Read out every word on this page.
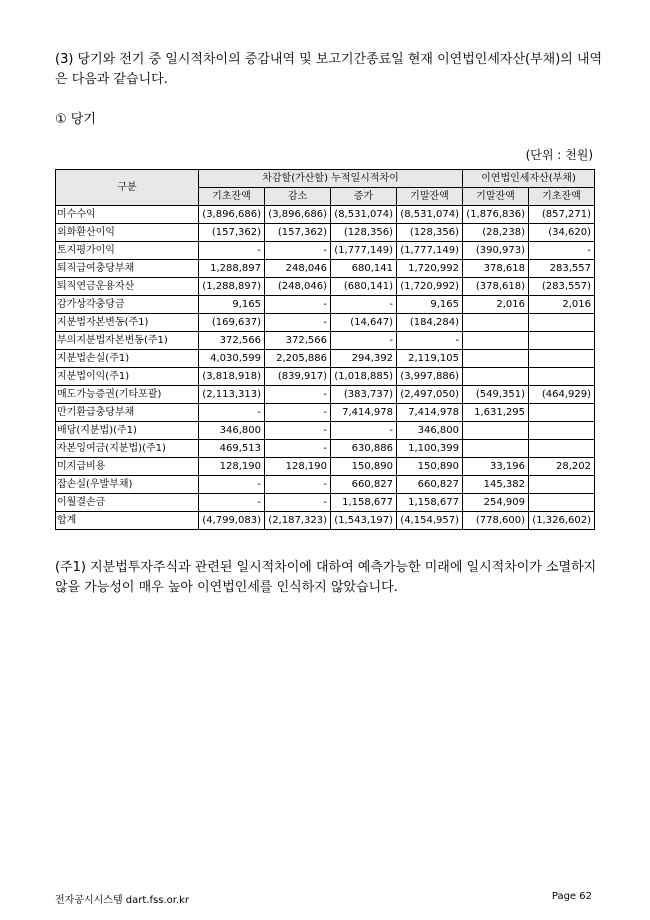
(3) 당기와 전기 중 일시적차이의 증감내역 및 보고기간종료일 현재 이연법인세자산(부채)의 내역은 다음과 같습니다.
① 당기
(단위 : 천원)
구분	차감할(가산할) 누적일시적차이				이연법인세자산(부채)	
	기초잔액	감소	증가	기말잔액	기말잔액	기초잔액
미수수익	(3,896,686)	(3,896,686)	(8,531,074)	(8,531,074)	(1,876,836)	(857,271)
외화환산이익	(157,362)	(157,362)	(128,356)	(128,356)	(28,238)	(34,620)
토지평가이익	-	-	(1,777,149)	(1,777,149)	(390,973)	-
퇴직급여충당부채	1,288,897	248,046	680,141	1,720,992	378,618	283,557
퇴직연금운용자산	(1,288,897)	(248,046)	(680,141)	(1,720,992)	(378,618)	(283,557)
감가상각충당금	9,165	-	-	9,165	2,016	2,016
지분법자본변동(주1)	(169,637)	-	(14,647)	(184,284)		
부의지분법자본변동(주1)	372,566	372,566	-	-		
지분법손실(주1)	4,030,599	2,205,886	294,392	2,119,105		
지분법이익(주1)	(3,818,918)	(839,917)	(1,018,885)	(3,997,886)		
매도가능증권(기타포괄)	(2,113,313)	-	(383,737)	(2,497,050)	(549,351)	(464,929)
만기환급충당부채	-	-	7,414,978	7,414,978	1,631,295	
배당(지분법)(주1)	346,800	-	-	346,800		
자본잉여금(지분법)(주1)	469,513	-	630,886	1,100,399		
미지급비용	128,190	128,190	150,890	150,890	33,196	28,202
잡손실(우발부채)	-	-	660,827	660,827	145,382	
이월결손금	-	-	1,158,677	1,158,677	254,909	
합계	(4,799,083)	(2,187,323)	(1,543,197)	(4,154,957)	(778,600)	(1,326,602)
(주1) 지분법투자주식과 관련된 일시적차이에 대하여 예측가능한 미래에 일시적차이가 소멸하지 않을 가능성이 매우 높아 이연법인세를 인식하지 않았습니다.
전자공시시스템 dart.fss.or.kr	Page 62
